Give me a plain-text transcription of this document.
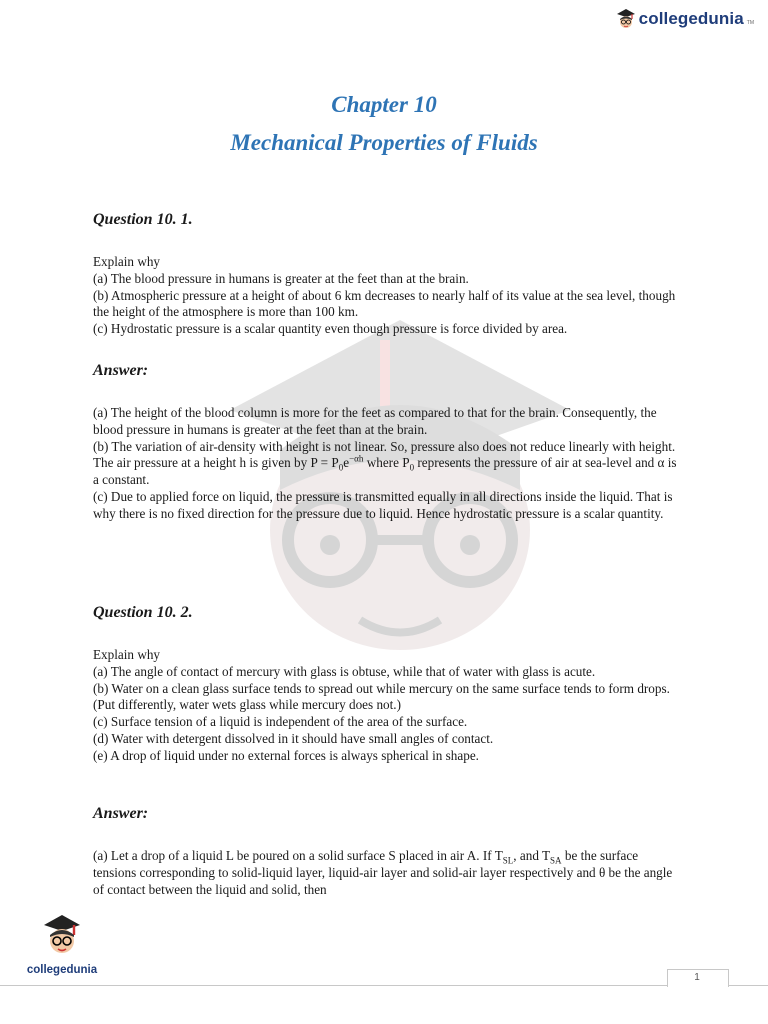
collegedunia TM
Chapter 10
Mechanical Properties of Fluids
Question 10. 1.

Explain why

(a) The blood pressure in humans is greater at the feet than at the brain.

(b) Atmospheric pressure at a height of about 6 km decreases to nearly half of its value at the sea level, though the height of the atmosphere is more than 100 km.

(c) Hydrostatic pressure is a scalar quantity even though pressure is force divided by area.

Answer:

(a) The height of the blood column is more for the feet as compared to that for the brain. Consequently, the blood pressure in humans is greater at the feet than at the brain.

(b) The variation of air-density with height is not linear. So, pressure also does not reduce linearly with height. The air pressure at a height h is given by $P = P_0e^{-\alpha h}$ where $P_0$ represents the pressure of air at sea-level and α is a constant.

(c) Due to applied force on liquid, the pressure is transmitted equally in all directions inside the liquid. That is why there is no fixed direction for the pressure due to liquid. Hence hydrostatic pressure is a scalar quantity.

Question 10. 2.

Explain why

(a) The angle of contact of mercury with glass is obtuse, while that of water with glass is acute.

(b) Water on a clean glass surface tends to spread out while mercury on the same surface tends to form drops. (Put differently, water wets glass while mercury does not.)

(c) Surface tension of a liquid is independent of the area of the surface.

(d) Water with detergent dissolved in it should have small angles of contact.

(e) A drop of liquid under no external forces is always spherical in shape.

Answer:

(a) Let a drop of a liquid L be poured on a solid surface S placed in air A. If $T_{SL}$, and $T_{SA}$ be the surface tensions corresponding to solid-liquid layer, liquid-air layer and solid-air layer respectively and θ be the angle of contact between the liquid and solid, then

collegedunia
1
